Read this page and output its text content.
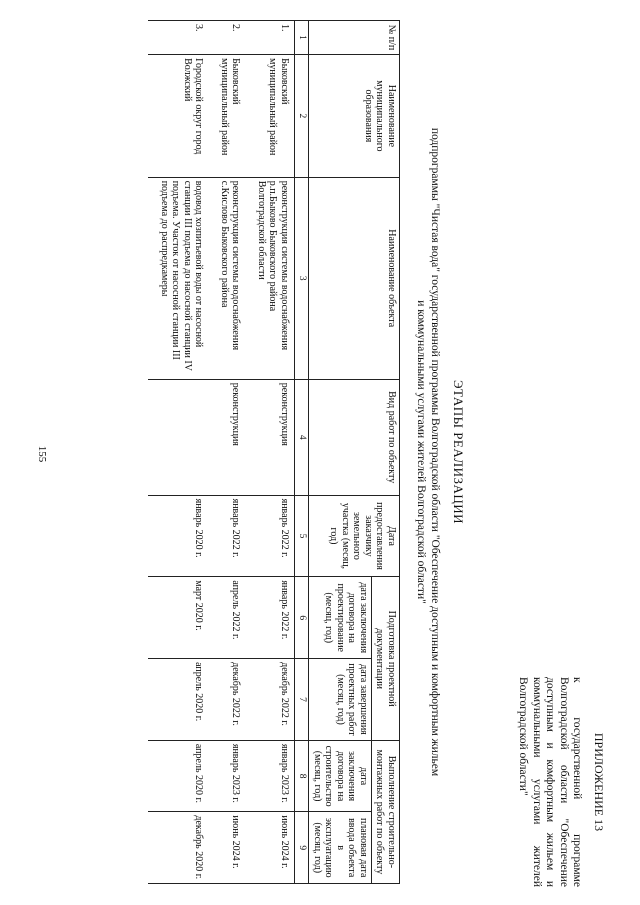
155
ПРИЛОЖЕНИЕ 13
к государственной программе Волгоградской области "Обеспечение доступным и комфортным жильем и коммунальными услугами жителей Волгоградской области"
ЭТАПЫ РЕАЛИЗАЦИИ
подпрограммы "Чистая вода" государственной программы Волгоградской области "Обеспечение доступным и комфортным жильем
и коммунальными услугами жителей Волгоградской области"
№ п/п	Наименование муниципального образования	Наименование объекта	Вид работ по объекту	Дата предоставления заказчику земельного участка (месяц, год)	Подготовка проектной документации		Выполнение строительно-монтажных работ по объекту	
					дата заключения договора на проектирование (месяц, год)	дата завершения проектных работ (месяц, год)	дата заключения договора на строительство (месяц, год)	плановая дата ввода объекта в эксплуатацию (месяц, год)
1	2	3	4	5	6	7	8	9
1.	Быковский муниципальный район	реконструкция системы водоснабжения р.п.Быково Быковского района Волгоградской области	реконструкция	январь 2022 г.	январь 2022 г.	декабрь 2022 г.	январь 2023 г.	июнь 2024 г.
2.	Быковский муниципальный район	реконструкция системы водоснабжения с.Кислово Быковского района	реконструкция	январь 2022 г.	апрель 2022 г.	декабрь 2022 г.	январь 2023 г.	июнь 2024 г.
3.	Городской округ город Волжский	водовод хозпитьевой воды от насосной станции III подъема до насосной станции IV подъема. Участок от насосной станции III подъема до распредкамеры		январь 2020 г.	март 2020 г.	апрель 2020 г.	апрель 2020 г.	декабрь 2020 г.
